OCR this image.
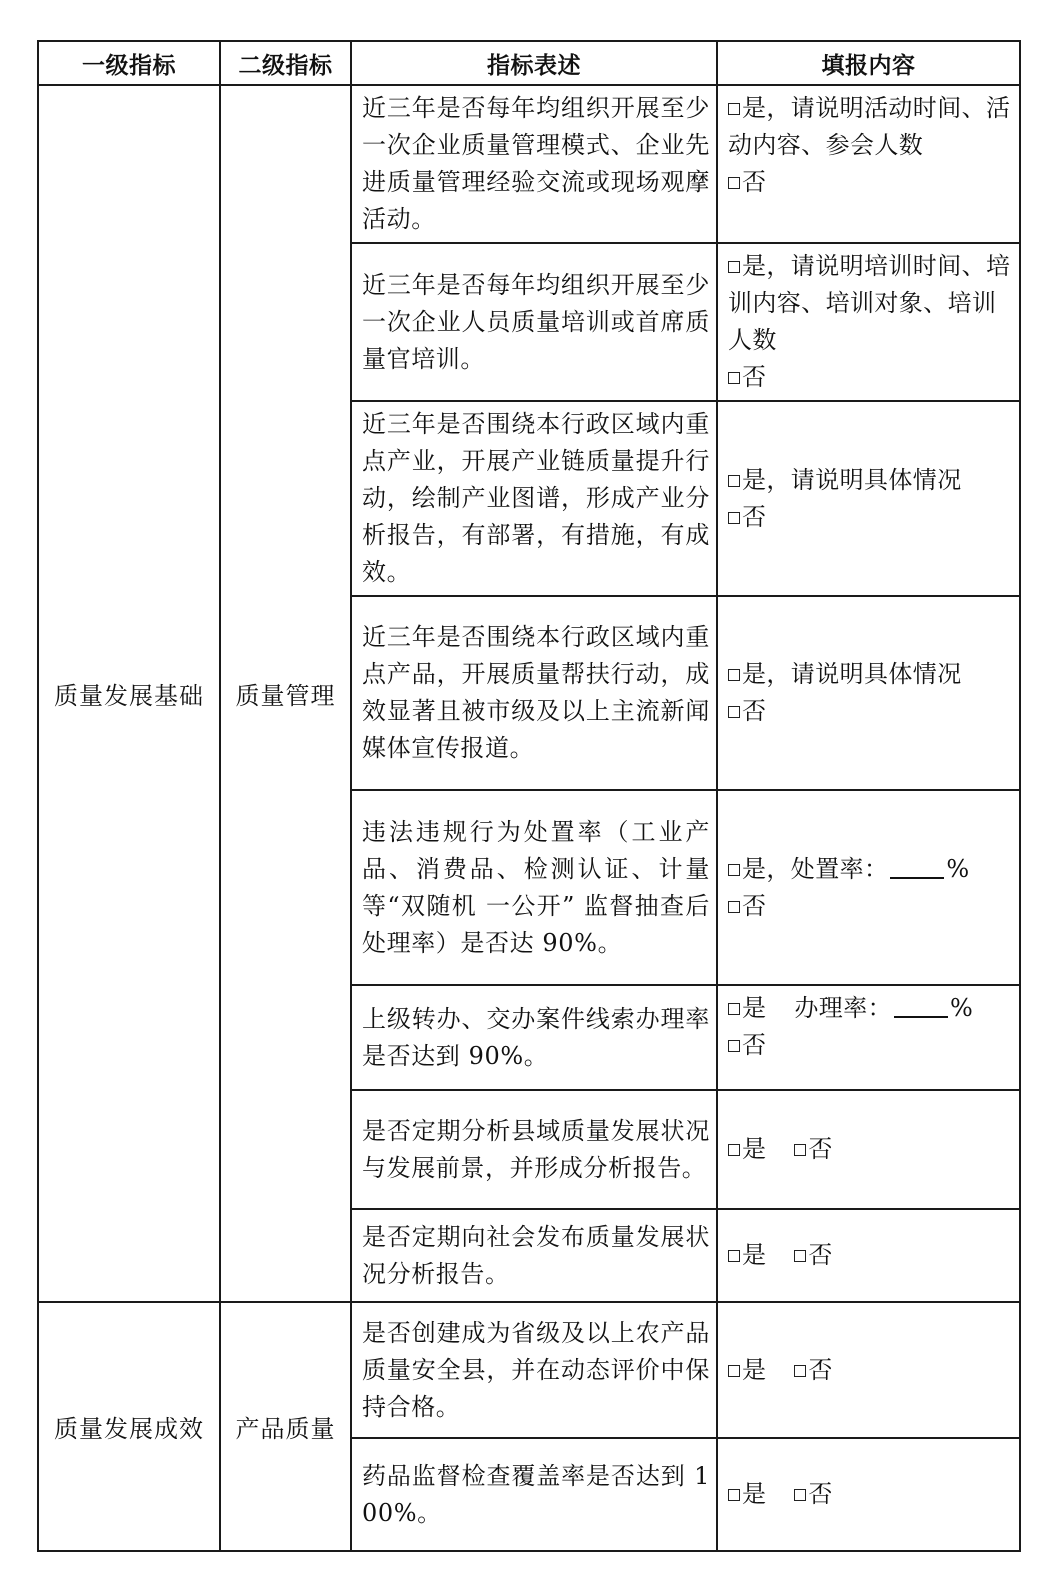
一级指标	二级指标	指标表述	填报内容
质量发展基础	质量管理	近三年是否每年均组织开展至少一次企业质量管理模式、企业先进质量管理经验交流或现场观摩活动。	是，请说明活动时间、活动内容、参会人数
否

		近三年是否每年均组织开展至少一次企业人员质量培训或首席质量官培训。	是，请说明培训时间、培训内容、培训对象、培训人数
否

		近三年是否围绕本行政区域内重点产业，开展产业链质量提升行动，绘制产业图谱，形成产业分析报告，有部署，有措施，有成效。	是，请说明具体情况
否

		近三年是否围绕本行政区域内重点产品，开展质量帮扶行动，成效显著且被市级及以上主流新闻媒体宣传报道。	是，请说明具体情况
否

		违法违规行为处置率（工业产品、消费品、检测认证、计量等“双随机 一公开” 监督抽查后处理率）是否达 90%。	是，处置率： %
否

		上级转办、交办案件线索办理率是否达到 90%。	是 办理率： %
否

		是否定期分析县域质量发展状况与发展前景，并形成分析报告。	是 否
		是否定期向社会发布质量发展状况分析报告。	是 否
质量发展成效	产品质量	是否创建成为省级及以上农产品质量安全县，并在动态评价中保持合格。	是 否
		药品监督检查覆盖率是否达到 100%。	是 否
